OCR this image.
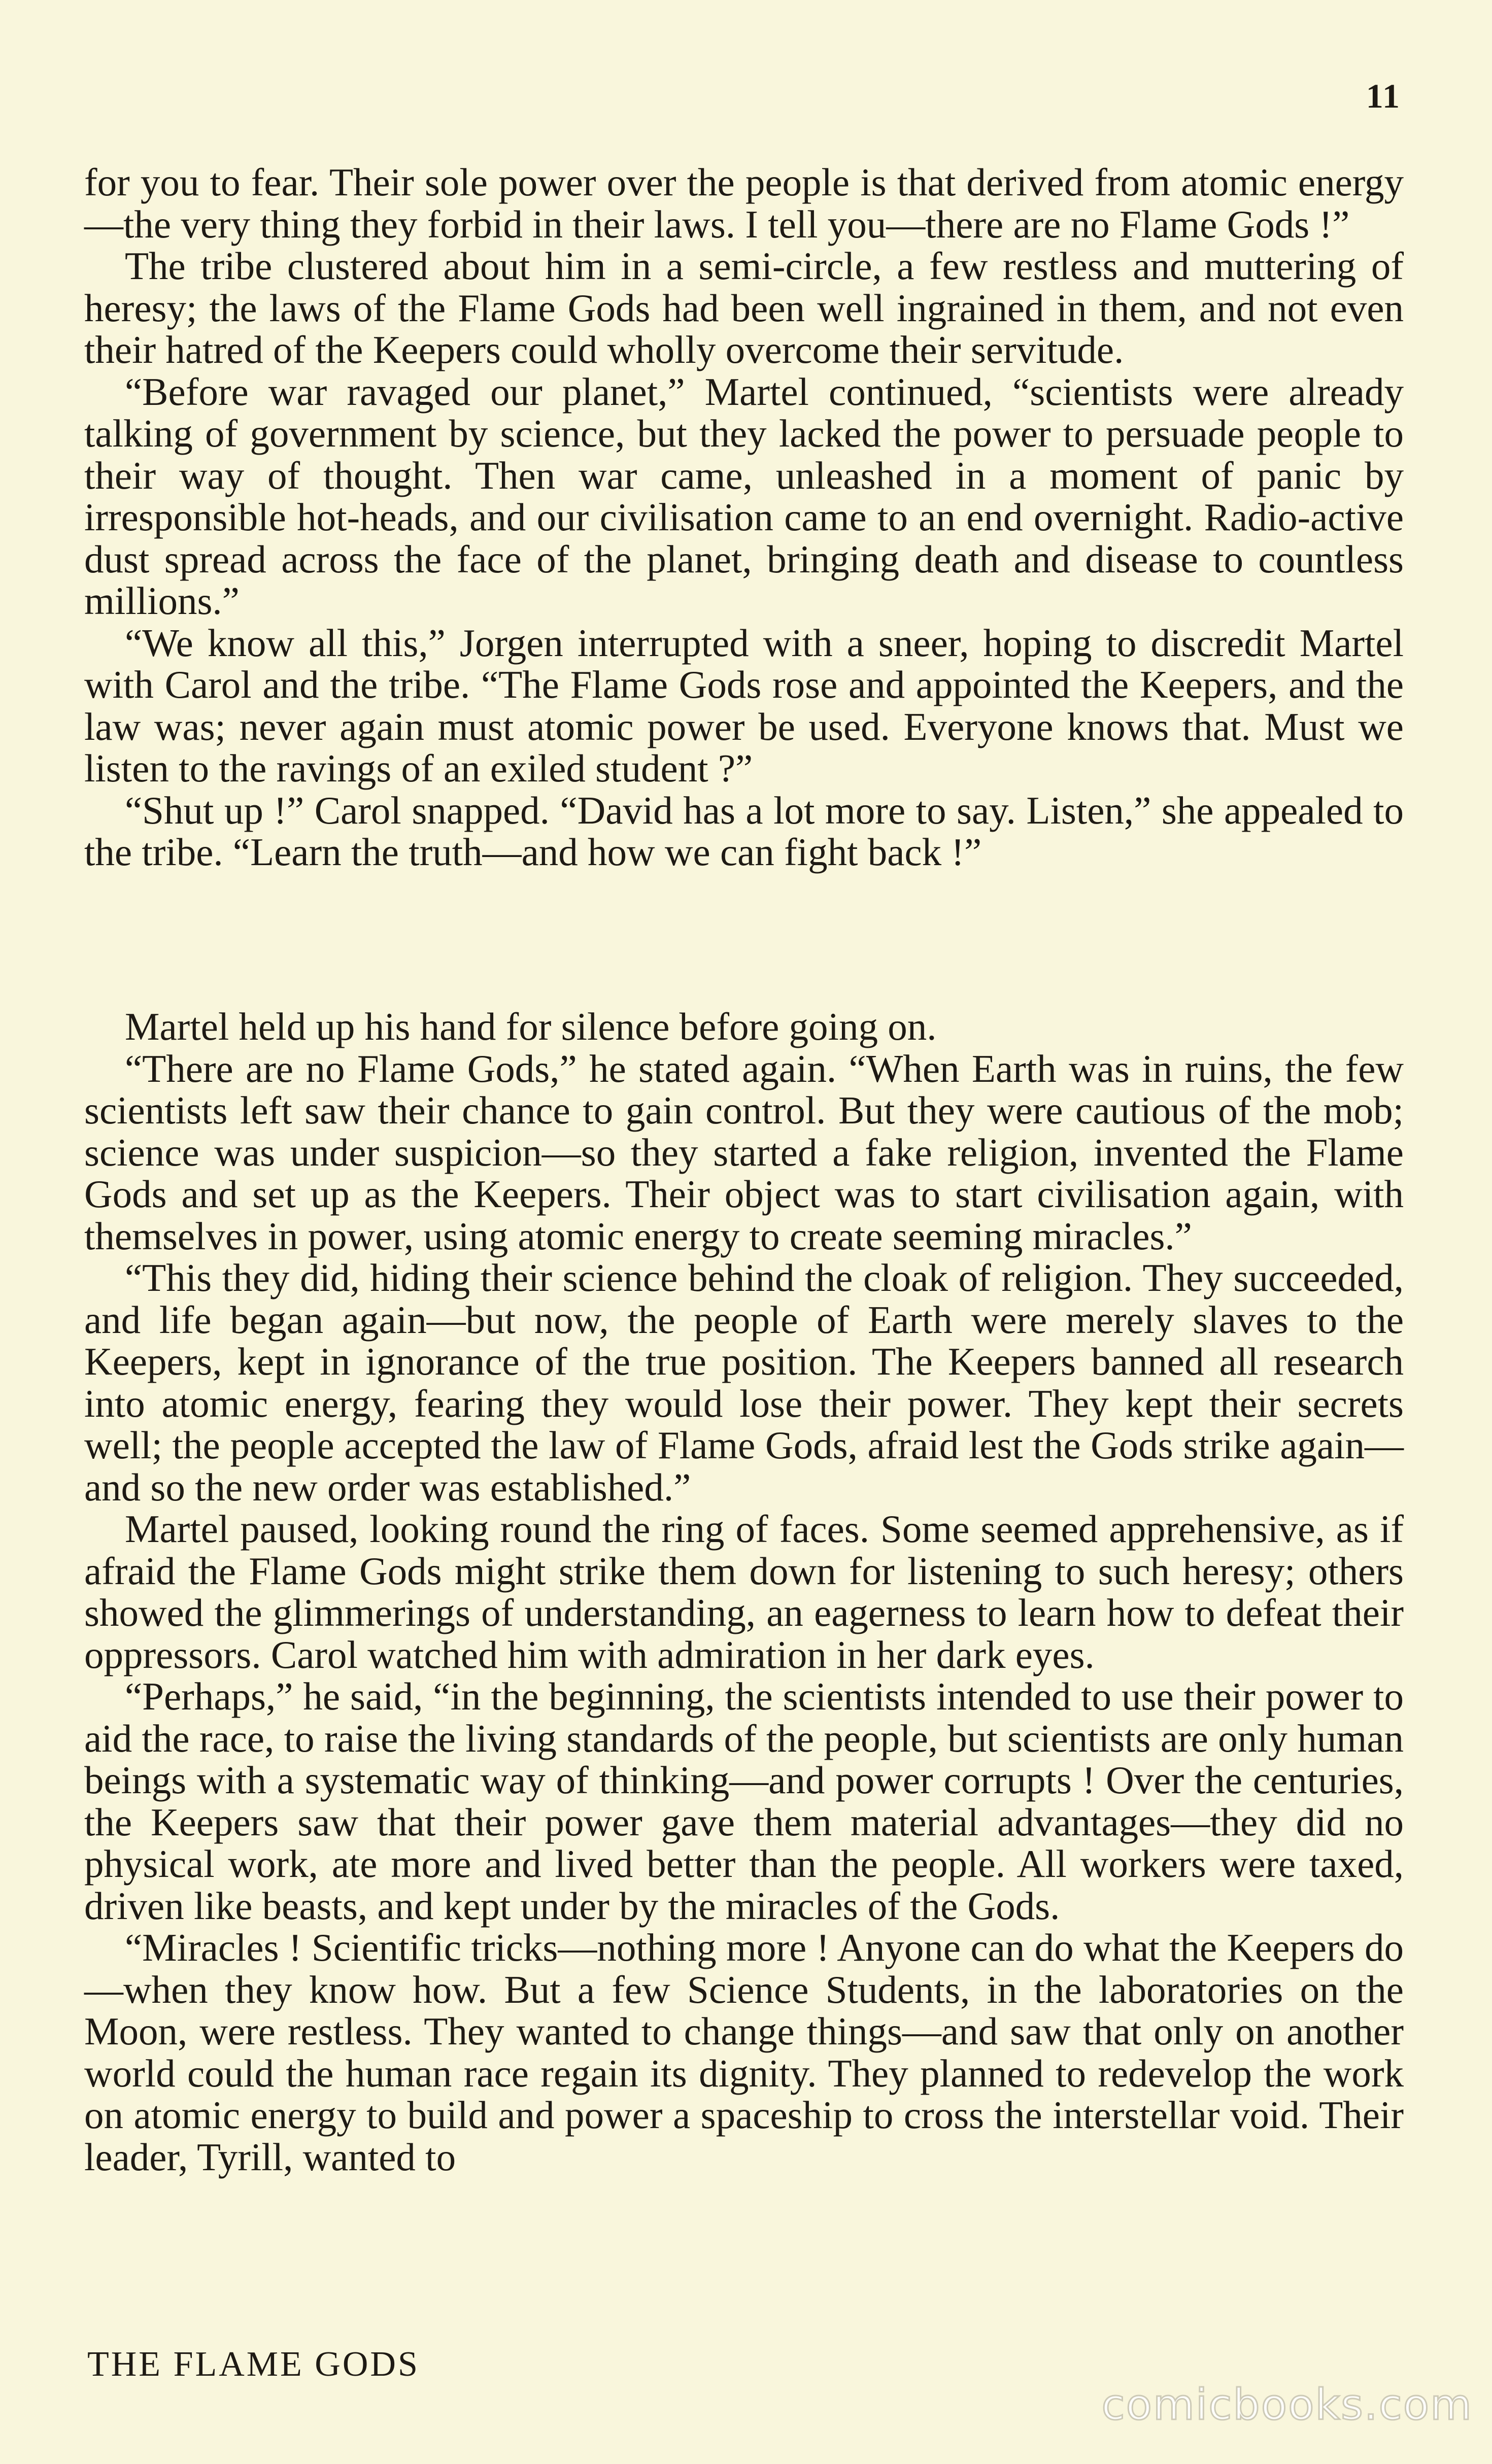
11

for you to fear. Their sole power over the people is that derived from atomic energy—the very thing they forbid in their laws. I tell you—there are no Flame Gods !”

The tribe clustered about him in a semi-circle, a few restless and muttering of heresy; the laws of the Flame Gods had been well ingrained in them, and not even their hatred of the Keepers could wholly overcome their servitude.

“Before war ravaged our planet,” Martel continued, “scientists were already talking of government by science, but they lacked the power to persuade people to their way of thought. Then war came, unleashed in a moment of panic by irresponsible hot-heads, and our civilisation came to an end overnight. Radio-active dust spread across the face of the planet, bringing death and disease to countless millions.”

“We know all this,” Jorgen interrupted with a sneer, hoping to discredit Martel with Carol and the tribe. “The Flame Gods rose and appointed the Keepers, and the law was; never again must atomic power be used. Everyone knows that. Must we listen to the ravings of an exiled student ?”

“Shut up !” Carol snapped. “David has a lot more to say. Listen,” she appealed to the tribe. “Learn the truth—and how we can fight back !”

Martel held up his hand for silence before going on.

“There are no Flame Gods,” he stated again. “When Earth was in ruins, the few scientists left saw their chance to gain control. But they were cautious of the mob; science was under suspicion—so they started a fake religion, invented the Flame Gods and set up as the Keepers. Their object was to start civilisation again, with themselves in power, using atomic energy to create seeming miracles.”

“This they did, hiding their science behind the cloak of religion. They succeeded, and life began again—but now, the people of Earth were merely slaves to the Keepers, kept in ignorance of the true position. The Keepers banned all research into atomic energy, fearing they would lose their power. They kept their secrets well; the people accepted the law of Flame Gods, afraid lest the Gods strike again—and so the new order was established.”

Martel paused, looking round the ring of faces. Some seemed apprehensive, as if afraid the Flame Gods might strike them down for listening to such heresy; others showed the glimmerings of understanding, an eagerness to learn how to defeat their oppressors. Carol watched him with admiration in her dark eyes.

“Perhaps,” he said, “in the beginning, the scientists intended to use their power to aid the race, to raise the living standards of the people, but scientists are only human beings with a systematic way of thinking—and power corrupts ! Over the centuries, the Keepers saw that their power gave them material advantages—they did no physical work, ate more and lived better than the people. All workers were taxed, driven like beasts, and kept under by the miracles of the Gods.

“Miracles ! Scientific tricks—nothing more ! Anyone can do what the Keepers do—when they know how. But a few Science Students, in the laboratories on the Moon, were restless. They wanted to change things—and saw that only on another world could the human race regain its dignity. They planned to redevelop the work on atomic energy to build and power a spaceship to cross the interstellar void. Their leader, Tyrill, wanted to

THE FLAME GODS
comicbooks.com
